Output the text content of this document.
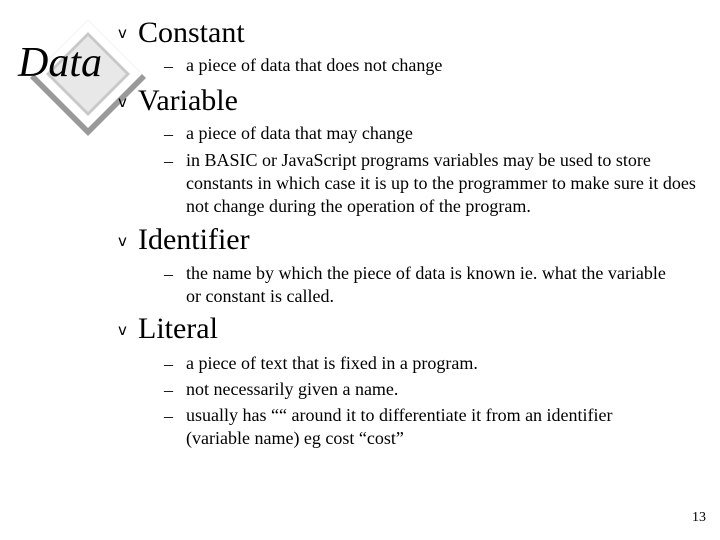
Data
v Constant
– a piece of data that does not change
v Variable
– a piece of data that may change
– in BASIC or JavaScript programs variables may be used to store constants in which case it is up to the programmer to make sure it does not change during the operation of the program.
v Identifier
– the name by which the piece of data is known ie. what the variable or constant is called.
v Literal
– a piece of text that is fixed in a program.
– not necessarily given a name.
– usually has ““ around it to differentiate it from an identifier (variable name) eg cost “cost”
13
